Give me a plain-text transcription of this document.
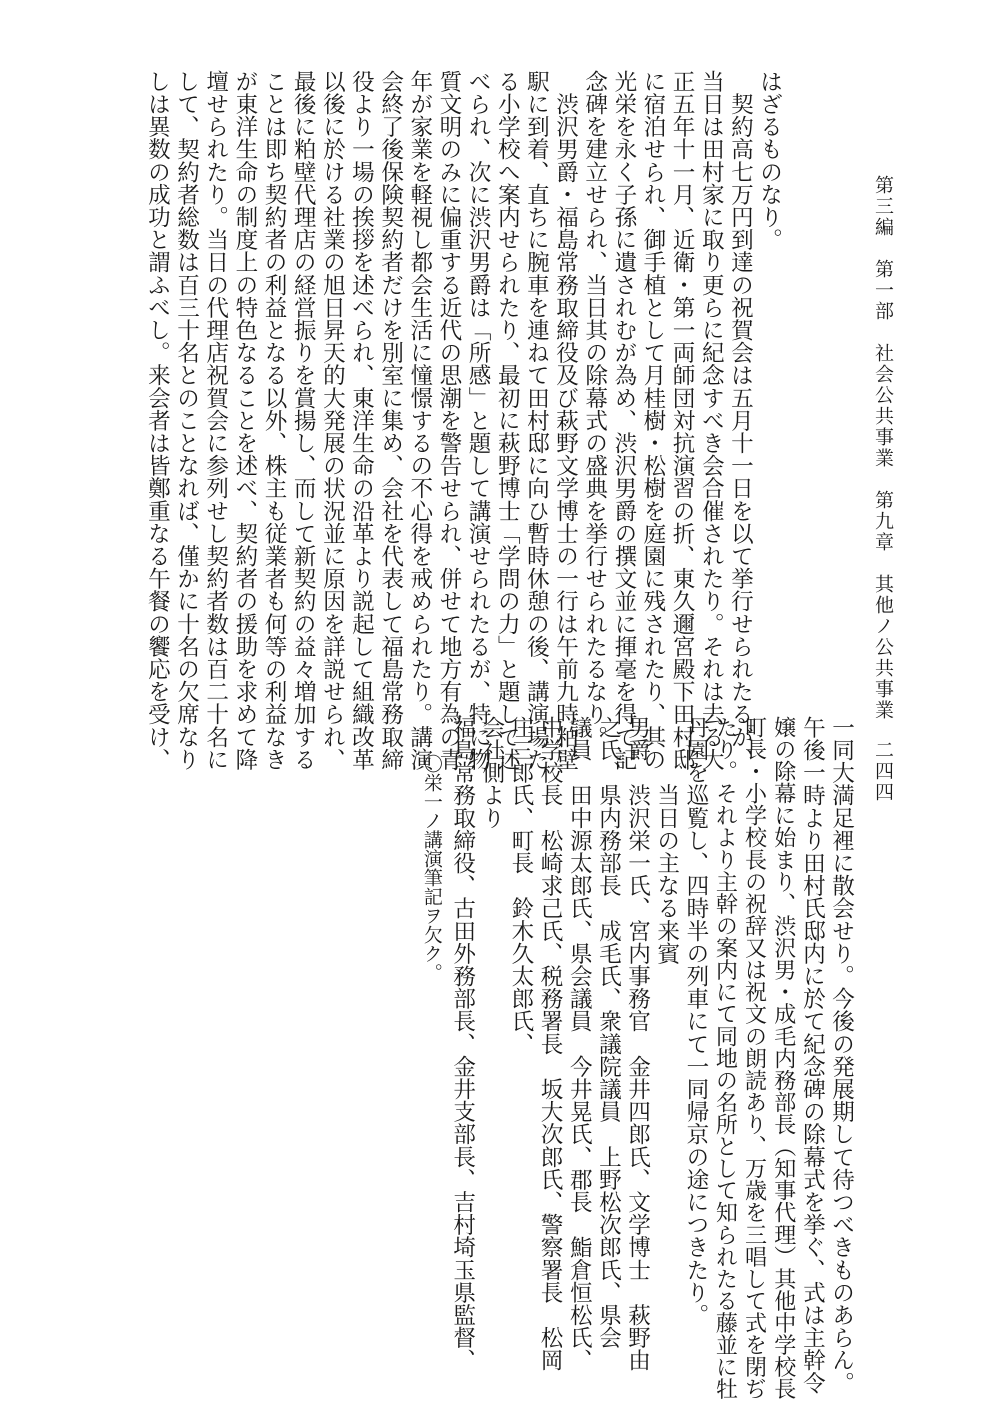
第三編　第一部　社会公共事業　第九章　其他ノ公共事業
二四四
はざるものなり。
　契約高七万円到達の祝賀会は五月十一日を以て挙行せられたるが、
当日は田村家に取り更らに紀念すべき会合催されたり。それは去る大
正五年十一月、近衛・第一両師団対抗演習の折、東久邇宮殿下田村邸
に宿泊せられ、御手植として月桂樹・松樹を庭園に残されたり、其の
光栄を永く子孫に遺されむが為め、渋沢男爵の撰文並に揮毫を得て記
念碑を建立せられ、当日其の除幕式の盛典を挙行せられたるなり。
　渋沢男爵・福島常務取締役及び萩野文学博士の一行は午前九時粕壁
駅に到着、直ちに腕車を連ねて田村邸に向ひ暫時休憩の後、講演場た
る小学校へ案内せられたり、最初に萩野博士「学問の力」と題して述
べられ、次に渋沢男爵は「所感」と題して講演せられたるが、特に物
質文明のみに偏重する近代の思潮を警告せられ、併せて地方有為の青
年が家業を軽視し都会生活に憧憬するの不心得を戒められたり。講演
会終了後保険契約者だけを別室に集め、会社を代表して福島常務取締
役より一場の挨拶を述べられ、東洋生命の沿革より説起して組織改革
以後に於ける社業の旭日昇天的大発展の状況並に原因を詳説せられ、
最後に粕壁代理店の経営振りを賞揚し、而して新契約の益々増加する
ことは即ち契約者の利益となる以外、株主も従業者も何等の利益なき
が東洋生命の制度上の特色なることを述べ、契約者の援助を求めて降
壇せられたり。当日の代理店祝賀会に参列せし契約者数は百二十名に
して、契約者総数は百三十名とのことなれば、僅かに十名の欠席なり
しは異数の成功と謂ふべし。来会者は皆鄭重なる午餐の饗応を受け、
一同大満足裡に散会せり。今後の発展期して待つべきものあらん。
午後一時より田村氏邸内に於て紀念碑の除幕式を挙ぐ、式は主幹令
嬢の除幕に始まり、渋沢男・成毛内務部長（知事代理）其他中学校長
町長・小学校長の祝辞又は祝文の朗読あり、万歳を三唱して式を閉ぢ
たり。それより主幹の案内にて同地の名所として知られたる藤並に牡
丹園を巡覧し、四時半の列車にて一同帰京の途につきたり。
　　　当日の主なる来賓
男爵　渋沢栄一氏、宮内事務官　金井四郎氏、文学博士　萩野由
之氏、県内務部長　成毛氏、衆議院議員　上野松次郎氏、県会
議員　田中源太郎氏、県会議員　今井晃氏、郡長　鮨倉恒松氏、
中学校長　松崎求己氏、税務署長　坂大次郎氏、警察署長　松岡
庄三郎氏、町長　鈴木久太郎氏、
会社側より
福島常務取締役、古田外務部長、金井支部長、吉村埼玉県監督、
　　〇栄一ノ講演筆記ヲ欠ク。
